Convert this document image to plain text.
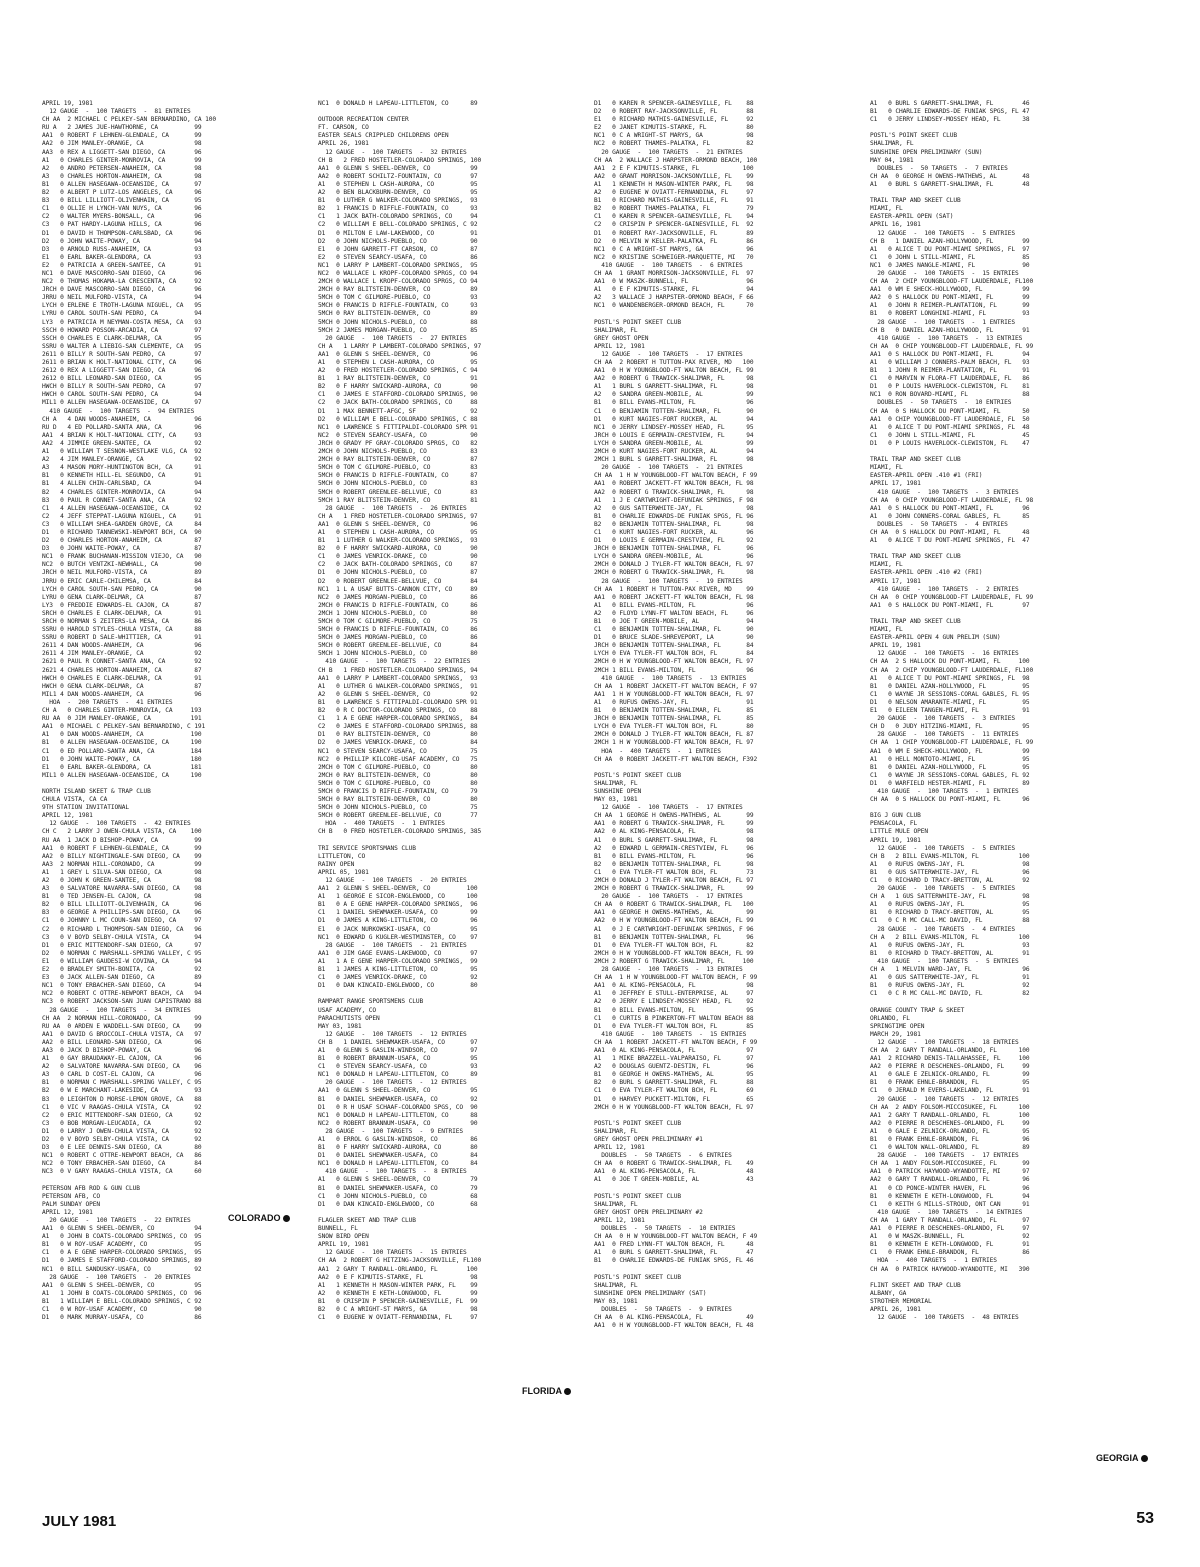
APRIL 19, 1981
12 GAUGE  -  100 TARGETS  -  81 ENTRIES
CH AA  2 MICHAEL C PELKEY-SAN BERNARDINO, CA 100
RU A   2 JAMES JUE-HAWTHORNE, CA          99
AA1  0 ROBERT F LEHNEN-GLENDALE, CA       99
AA2  0 JIM MANLEY-ORANGE, CA              98
AA3  0 REX A LIGGETT-SAN DIEGO, CA        96
A1   0 CHARLES GINTER-MONROVIA, CA        99
A2   0 ANDRO PETERSEN-ANAHEIM, CA         98
A3   0 CHARLES HORTON-ANAHEIM, CA         98
B1   0 ALLEN HASEGAWA-OCEANSIDE, CA       97
B2   0 ALBERT P LUTZ-LOS ANGELES, CA      96
B3   0 BILL LILLIOTT-OLIVENHAIN, CA       95
C1   0 OLLIE H LYNCH-VAN NUYS, CA         96
C2   0 WALTER MYERS-BONSALL, CA           96
C3   0 PAT HARDY-LAGUNA HILLS, CA         96
D1   0 DAVID H THOMPSON-CARLSBAD, CA      96
D2   0 JOHN WAITE-POWAY, CA               94
D3   0 ARNOLD RUSS-ANAHEIM, CA            93
E1   0 EARL BAKER-GLENDORA, CA            93
E2   0 PATRICIA A GREEN-SANTEE, CA        91
NC1  0 DAVE MASCORRO-SAN DIEGO, CA        96
NC2  0 THOMAS HOKAMA-LA CRESCENTA, CA     92
JRCH 0 DAVE MASCORRO-SAN DIEGO, CA        96
JRRU 0 NEIL MULFORD-VISTA, CA             94
LYCH 0 ERLENE E TROTH-LAGUNA NIGUEL, CA   95
LYRU 0 CAROL SOUTH-SAN PEDRO, CA          94
LY3  0 PATRICIA M NEYMAN-COSTA MESA, CA   93
SSCH 0 HOWARD POSSON-ARCADIA, CA          97
SSCH 0 CHARLES E CLARK-DELMAR, CA         95
SSRU 0 WALTER A LIEBIG-SAN CLEMENTE, CA   95
2611 0 BILLY R SOUTH-SAN PEDRO, CA        97
2611 0 BRIAN K HOLT-NATIONAL CITY, CA     96
2612 0 REX A LIGGETT-SAN DIEGO, CA        96
2612 0 BILL LEONARD-SAN DIEGO, CA         95
HWCH 0 BILLY R SOUTH-SAN PEDRO, CA        97
HWCH 0 CAROL SOUTH-SAN PEDRO, CA          94
MIL1 0 ALLEN HASEGAWA-OCEANSIDE, CA       97
410 GAUGE  -  100 TARGETS  -  94 ENTRIES
CH A   4 DAN WOODS-ANAHEIM, CA            96
RU D   4 ED POLLARD-SANTA ANA, CA         96
AA1  4 BRIAN K HOLT-NATIONAL CITY, CA     93
AA2  4 JIMMIE GREEN-SANTEE, CA            92
A1   0 WILLIAM T SESNON-WESTLAKE VLG, CA  92
A2   4 JIM MANLEY-ORANGE, CA              92
A3   4 MASON MORY-HUNTINGTON BCH, CA      91
B1   0 KENNETH HILL-EL SEGUNDO, CA        91
B1   4 ALLEN CHIN-CARLSBAD, CA            94
B2   4 CHARLES GINTER-MONROVIA, CA        94
B3   0 PAUL R CONNET-SANTA ANA, CA        92
C1   4 ALLEN HASEGAWA-OCEANSIDE, CA       92
C2   4 JEFF STEPPAT-LAGUNA NIGUEL, CA     91
C3   0 WILLIAM SHEA-GARDEN GROVE, CA      84
D1   0 RICHARD TANNEWSKI-NEWPORT BCH, CA  90
D2   0 CHARLES HORTON-ANAHEIM, CA         87
D3   0 JOHN WAITE-POWAY, CA               87
NC1  0 FRANK BUCHANAN-MISSION VIEJO, CA   90
NC2  0 BUTCH VENTZKI-NEWHALL, CA          90
JRCH 0 NEIL MULFORD-VISTA, CA             89
JRRU 0 ERIC CARLE-CHILEMSA, CA            84
LYCH 0 CAROL SOUTH-SAN PEDRO, CA          90
LYRU 0 GENA CLARK-DELMAR, CA              87
LY3  0 FREDDIE EDWARDS-EL CAJON, CA       87
SRCH 0 CHARLES E CLARK-DELMAR, CA         91
SRCH 0 NORMAN S ZEITERS-LA MESA, CA       86
SSRU 0 HAROLD STYLES-CHULA VISTA, CA      88
SSRU 0 ROBERT D SALE-WHITTIER, CA         91
2611 4 DAN WOODS-ANAHEIM, CA              96
2611 4 JIM MANLEY-ORANGE, CA              92
2621 0 PAUL R CONNET-SANTA ANA, CA        92
2621 4 CHARLES HORTON-ANAHEIM, CA         87
HWCH 0 CHARLES E CLARK-DELMAR, CA         91
HWCH 0 GENA CLARK-DELMAR, CA              87
MIL1 4 DAN WOODS-ANAHEIM, CA              96
HOA  -  200 TARGETS  -  41 ENTRIES
CH A   0 CHARLES GINTER-MONROVIA, CA     193
RU AA  0 JIM MANLEY-ORANGE, CA           191
AA1  0 MICHAEL C PELKEY-SAN BERNARDINO, C 191
A1   0 DAN WOODS-ANAHEIM, CA             190
B1   0 ALLEN HASEGAWA-OCEANSIDE, CA      190
C1   0 ED POLLARD-SANTA ANA, CA          184
D1   0 JOHN WAITE-POWAY, CA              180
E1   0 EARL BAKER-GLENDORA, CA           181
MIL1 0 ALLEN HASEGAWA-OCEANSIDE, CA      190

NORTH ISLAND SKEET & TRAP CLUB
CHULA VISTA, CA CA
9TH STATION INVITATIONAL
APRIL 12, 1981
12 GAUGE  -  100 TARGETS  -  42 ENTRIES
CH C   2 LARRY J OWEN-CHULA VISTA, CA    100
RU AA  1 JACK D BISHOP-POWAY, CA          99
AA1  0 ROBERT F LEHNEN-GLENDALE, CA       99
AA2  0 BILLY NIGHTINGALE-SAN DIEGO, CA    99
AA3  2 NORMAN HILL-CORONADO, CA           99
A1   1 GREY L SILVA-SAN DIEGO, CA         98
A2   0 JOHN K GREEN-SANTEE, CA            98
A3   0 SALVATORE NAVARRA-SAN DIEGO, CA    98
B1   0 TED JENSEN-EL CAJON, CA            98
B2   0 BILL LILLIOTT-OLIVENHAIN, CA       96
B3   0 GEORGE A PHILLIPS-SAN DIEGO, CA    96
C1   0 JOHNNY L MC COUN-SAN DIEGO, CA     97
C2   0 RICHARD L THOMPSON-SAN DIEGO, CA   96
C3   0 V BOYD SELBY-CHULA VISTA, CA       94
D1   0 ERIC MITTENDORF-SAN DIEGO, CA      97
D2   0 NORMAN C MARSHALL-SPRING VALLEY, C 95
E1   0 WILLIAM GAUDESI-W COVINA, CA       94
E2   0 BRADLEY SMITH-BONITA, CA           92
E3   0 JACK ALLEN-SAN DIEGO, CA           89
NC1  0 TONY ERBACHER-SAN DIEGO, CA        94
NC2  0 ROBERT C OTTRE-NEWPORT BEACH, CA   94
NC3  0 ROBERT JACKSON-SAN JUAN CAPISTRANO 88
28 GAUGE  -  100 TARGETS  -  34 ENTRIES
CH AA  2 NORMAN HILL-CORONADO, CA         99
RU AA  0 ARDEN E WADDELL-SAN DIEGO, CA    99
AA1  0 DAVID G BROCCOLI-CHULA VISTA, CA   97
AA2  0 BILL LEONARD-SAN DIEGO, CA         96
AA3  0 JACK D BISHOP-POWAY, CA            96
A1   0 GAY BRAUDAWAY-EL CAJON, CA         96
A2   0 SALVATORE NAVARRA-SAN DIEGO, CA    96
A3   0 CARL D COST-EL CAJON, CA           96
B1   0 NORMAN C MARSHALL-SPRING VALLEY, C 95
B2   0 W E MARCHANT-LAKESIDE, CA          93
B3   0 LEIGHTON D MORSE-LEMON GROVE, CA   88
C1   0 VIC V RAAGAS-CHULA VISTA, CA       92
C2   0 ERIC MITTENDORF-SAN DIEGO, CA      92
C3   0 BOB MORGAN-LEUCADIA, CA            92
D1   0 LARRY J OWEN-CHULA VISTA, CA       92
D2   0 V BOYD SELBY-CHULA VISTA, CA       92
D3   0 E LEE DENNIS-SAN DIEGO, CA         80
NC1  0 ROBERT C OTTRE-NEWPORT BEACH, CA   86
NC2  0 TONY ERBACHER-SAN DIEGO, CA        84
NC3  0 V GARY RAAGAS-CHULA VISTA, CA      60

PETERSON AFB ROD & GUN CLUB
PETERSON AFB, CO
PALM SUNDAY OPEN
APRIL 12, 1981
20 GAUGE  -  100 TARGETS  -  22 ENTRIES
AA1  0 GLENN S SHEEL-DENVER, CO           94
A1   0 JOHN B COATS-COLORADO SPRINGS, CO  95
B1   0 W ROY-USAF ACADEMY, CO             95
C1   0 A E GENE HARPER-COLORADO SPRINGS,  95
D1   0 JAMES E STAFFORD-COLORADO SPRINGS, 89
NC1  0 BILL SANDUSKY-USAFA, CO            92
28 GAUGE  -  100 TARGETS  -  20 ENTRIES
AA1  0 GLENN S SHEEL-DENVER, CO           95
A1   1 JOHN B COATS-COLORADO SPRINGS, CO  96
B1   1 WILLIAM E BELL-COLORADO SPRINGS, C 92
C1   0 W ROY-USAF ACADEMY, CO             90
D1   0 MARK MURRAY-USAFA, CO              86
NC1  0 DONALD H LAPEAU-LITTLETON, CO      89

OUTDOOR RECREATION CENTER
FT. CARSON, CO
EASTER SEALS CRIPPLED CHILDRENS OPEN
APRIL 26, 1981
12 GAUGE  -  100 TARGETS  -  32 ENTRIES
CH B   2 FRED HOSTETLER-COLORADO SPRINGS, 100
AA1  0 GLENN S SHEEL-DENVER, CO           99
AA2  0 ROBERT SCHILTZ-FOUNTAIN, CO        97
A1   0 STEPHEN L CASH-AURORA, CO          95
A2   0 BEN BLACKBURN-DENVER, CO           95
B1   0 LUTHER G WALKER-COLORADO SPRINGS,  93
B2   1 FRANCIS D RIFFLE-FOUNTAIN, CO      93
C1   1 JACK BATH-COLORADO SPRINGS, CO     94
C2   0 WILLIAM E BELL-COLORADO SPRINGS, C 92
D1   0 MILTON E LAW-LAKEWOOD, CO          91
D2   0 JOHN NICHOLS-PUEBLO, CO            90
E1   0 JOHN GARRETT-FT CARSON, CO         87
E2   0 STEVEN SEARCY-USAFA, CO            86
NC1  0 LARRY P LAMBERT-COLORADO SPRINGS,  95
NC2  0 WALLACE L KROPF-COLORADO SPRGS, CO 94
2MCH 0 WALLACE L KROPF-COLORADO SPRGS, CO 94
2MCH 0 RAY BLITSTEIN-DENVER, CO           89
5MCH 0 TOM C GILMORE-PUEBLO, CO           93
5MCH 0 FRANCIS D RIFFLE-FOUNTAIN, CO      93
5MCH 0 RAY BLITSTEIN-DENVER, CO           89
5MCH 0 JOHN NICHOLS-PUEBLO, CO            88
5MCH 2 JAMES MORGAN-PUEBLO, CO            85
20 GAUGE  -  100 TARGETS  -  27 ENTRIES
CH A   1 LARRY P LAMBERT-COLORADO SPRINGS, 97
AA1  0 GLENN S SHEEL-DENVER, CO           96
A1   0 STEPHEN L CASH-AURORA, CO          95
A2   0 FRED HOSTETLER-COLORADO SPRINGS, C 94
B1   1 RAY BLITSTEIN-DENVER, CO           91
B2   0 F HARRY SWICKARD-AURORA, CO        90
C1   0 JAMES E STAFFORD-COLORADO SPRINGS, 90
C2   0 JACK BATH-COLORADO SPRINGS, CO     88
D1   1 MAX BENNETT-AFGC, SF               92
D2   0 WILLIAM E BELL-COLORADO SPRINGS, C 88
NC1  0 LAWRENCE S FITTIPALDI-COLORADO SPR 91
NC2  0 STEVEN SEARCY-USAFA, CO            90
JRCH 0 GRADY PF GRAY-COLORADO SPRGS, CO   82
2MCH 0 JOHN NICHOLS-PUEBLO, CO            83
2MCH 0 RAY BLITSTEIN-DENVER, CO           87
5MCH 0 TOM C GILMORE-PUEBLO, CO           83
5MCH 0 FRANCIS D RIFFLE-FOUNTAIN, CO      87
5MCH 0 JOHN NICHOLS-PUEBLO, CO            83
5MCH 0 ROBERT GREENLEE-BELLVUE, CO        83
5MCH 1 RAY BLITSTEIN-DENVER, CO           81
28 GAUGE  -  100 TARGETS  -  26 ENTRIES
CH A   1 FRED HOSTETLER-COLORADO SPRINGS, 97
AA1  0 GLENN S SHEEL-DENVER, CO           96
A1   0 STEPHEN L CASH-AURORA, CO          95
B1   1 LUTHER G WALKER-COLORADO SPRINGS,  93
B2   0 F HARRY SWICKARD-AURORA, CO        90
C1   0 JAMES VENRICK-DRAKE, CO            90
C2   0 JACK BATH-COLORADO SPRINGS, CO     87
D1   0 JOHN NICHOLS-PUEBLO, CO            87
D2   0 ROBERT GREENLEE-BELLVUE, CO        84
NC1  1 L A USAF BUTTS-CANNON CITY, CO     89
NC2  0 JAMES MORGAN-PUEBLO, CO            86
2MCH 0 FRANCIS D RIFFLE-FOUNTAIN, CO      86
2MCH 1 JOHN NICHOLS-PUEBLO, CO            80
5MCH 0 TOM C GILMORE-PUEBLO, CO           75
5MCH 0 FRANCIS D RIFFLE-FOUNTAIN, CO      86
5MCH 0 JAMES MORGAN-PUEBLO, CO            86
5MCH 0 ROBERT GREENLEE-BELLVUE, CO        84
5MCH 1 JOHN NICHOLS-PUEBLO, CO            80
410 GAUGE  -  100 TARGETS  -  22 ENTRIES
CH B   1 FRED HOSTETLER-COLORADO SPRINGS, 94
AA1  0 LARRY P LAMBERT-COLORADO SPRINGS,  93
A1   0 LUTHER G WALKER-COLORADO SPRINGS,  91
A2   0 GLENN S SHEEL-DENVER, CO           92
B1   0 LAWRENCE S FITTIPALDI-COLORADO SPR 91
B2   0 R C DOCTOR-COLORADO SPRINGS, CO    88
C1   1 A E GENE HARPER-COLORADO SPRINGS,  84
C2   0 JAMES E STAFFORD-COLORADO SPRINGS, 88
D1   0 RAY BLITSTEIN-DENVER, CO           80
D2   0 JAMES VENRICK-DRAKE, CO            84
NC1  0 STEVEN SEARCY-USAFA, CO            75
NC2  0 PHILLIP KILCORE-USAF ACADEMY, CO   75
2MCH 0 TOM C GILMORE-PUEBLO, CO           80
2MCH 0 RAY BLITSTEIN-DENVER, CO           80
5MCH 0 TOM C GILMORE-PUEBLO, CO           80
5MCH 0 FRANCIS D RIFFLE-FOUNTAIN, CO      79
5MCH 0 RAY BLITSTEIN-DENVER, CO           80
5MCH 0 JOHN NICHOLS-PUEBLO, CO            75
5MCH 0 ROBERT GREENLEE-BELLVUE, CO        77
HOA  -  400 TARGETS  -  1 ENTRIES
CH B   0 FRED HOSTETLER-COLORADO SPRINGS, 385

TRI SERVICE SPORTSMANS CLUB
LITTLETON, CO
RAINY OPEN
APRIL 05, 1981
12 GAUGE  -  100 TARGETS  -  20 ENTRIES
AA1  2 GLENN S SHEEL-DENVER, CO          100
A1   1 GEORGE E SICOR-ENGLEWOOD, CO      100
B1   0 A E GENE HARPER-COLORADO SPRINGS,  96
C1   1 DANIEL SHEWMAKER-USAFA, CO         99
D1   0 JAMES A KING-LITTLETON, CO         96
E1   0 JACK NURKOWSKI-USAFA, CO           95
NC1  0 EDWARD G KUGLER-WESTMINSTER, CO    97
28 GAUGE  -  100 TARGETS  -  21 ENTRIES
AA1  0 JIM GAGE EVANS-LAKEWOOD, CO        97
A1   1 A E GENE HARPER-COLORADO SPRINGS,  99
B1   1 JAMES A KING-LITTLETON, CO         95
C1   0 JAMES VENRICK-DRAKE, CO            92
D1   0 DAN KINCAID-ENGLEWOOD, CO          80

RAMPART RANGE SPORTSMENS CLUB
USAF ACADEMY, CO
PARACHUTISTS OPEN
MAY 03, 1981
12 GAUGE  -  100 TARGETS  -  12 ENTRIES
CH B   1 DANIEL SHEWMAKER-USAFA, CO       97
A1   0 GLENN S GASLIN-WINDSOR, CO         97
B1   0 ROBERT BRANNUM-USAFA, CO           95
C1   0 STEVEN SEARCY-USAFA, CO            93
NC1  0 DONALD H LAPEAU-LITTLETON, CO      89
20 GAUGE  -  100 TARGETS  -  12 ENTRIES
AA1  0 GLENN S SHEEL-DENVER, CO           95
B1   0 DANIEL SHEWMAKER-USAFA, CO         92
D1   0 R H USAF SCHAAF-COLORADO SPGS, CO  90
NC1  0 DONALD H LAPEAU-LITTLETON, CO      88
NC2  0 ROBERT BRANNUM-USAFA, CO           90
28 GAUGE  -  100 TARGETS  -  9 ENTRIES
A1   0 ERROL G GASLIN-WINDSOR, CO         86
B1   0 F HARRY SWICKARD-AURORA, CO        80
D1   0 DANIEL SHEWMAKER-USAFA, CO         84
NC1  0 DONALD H LAPEAU-LITTLETON, CO      84
410 GAUGE  -  100 TARGETS  -  8 ENTRIES
A1   0 GLENN S SHEEL-DENVER, CO           79
B1   0 DANIEL SHEWMAKER-USAFA, CO         79
C1   0 JOHN NICHOLS-PUEBLO, CO            68
D1   0 DAN KINCAID-ENGLEWOOD, CO          68

FLAGLER SKEET AND TRAP CLUB
BUNNELL, FL
SNOW BIRD OPEN
APRIL 19, 1981
12 GAUGE  -  100 TARGETS  -  15 ENTRIES
CH AA  2 ROBERT G HITZING-JACKSONVILLE, FL100
AA1  2 GARY T RANDALL-ORLANDO, FL        100
AA2  0 E F KIMUTIS-STARKE, FL             98
A1   1 KENNETH H MASON-WINTER PARK, FL    99
A2   0 KENNETH E KETH-LONGWOOD, FL        99
B1   0 CRISPIN P SPENCER-GAINESVILLE, FL  99
B2   0 C A WRIGHT-ST MARYS, GA            98
C1   0 EUGENE W OVIATT-FERNANDINA, FL     97
D1   0 KAREN R SPENCER-GAINESVILLE, FL    88
D2   0 ROBERT RAY-JACKSONVILLE, FL        88
E1   0 RICHARD MATHIS-GAINESVILLE, FL     92
E2   0 JANET KIMUTIS-STARKE, FL           80
NC1  0 C A WRIGHT-ST MARYS, GA            98
NC2  0 ROBERT THAMES-PALATKA, FL          82
20 GAUGE  -  100 TARGETS  -  21 ENTRIES
CH AA  2 WALLACE J HARPSTER-ORMOND BEACH, 100
AA1  2 E F KIMUTIS-STARKE, FL            100
AA2  0 GRANT MORRISON-JACKSONVILLE, FL    99
A1   1 KENNETH H MASON-WINTER PARK, FL    98
A2   0 EUGENE W OVIATT-FERNANDINA, FL     97
B1   0 RICHARD MATHIS-GAINESVILLE, FL     91
B2   0 ROBERT THAMES-PALATKA, FL          79
C1   0 KAREN R SPENCER-GAINESVILLE, FL    94
C2   0 CRISPIN P SPENCER-GAINESVILLE, FL  92
D1   0 ROBERT RAY-JACKSONVILLE, FL        89
D2   0 MELVIN W KELLER-PALATKA, FL        86
NC1  0 C A WRIGHT-ST MARYS, GA            96
NC2  0 KRISTINE SCHWEIGER-MARQUETTE, MI   70
410 GAUGE  -  100 TARGETS  -  6 ENTRIES
CH AA  1 GRANT MORRISON-JACKSONVILLE, FL  97
AA1  0 W MASZK-BUNNELL, FL                96
A1   0 E F KIMUTIS-STARKE, FL             94
A2   3 WALLACE J HARPSTER-ORMOND BEACH, F 66
NC1  0 WANDENBERGER-ORMOND BEACH, FL      70

POSTL'S POINT SKEET CLUB
SHALIMAR, FL
GREY GHOST OPEN
APRIL 12, 1981
12 GAUGE  -  100 TARGETS  -  17 ENTRIES
CH AA  2 ROBERT H TUTTON-PAX RIVER, MD   100
AA1  0 H W YOUNGBLOOD-FT WALTON BEACH, FL 99
AA2  0 ROBERT G TRAWICK-SHALIMAR, FL      98
A1   1 BURL S GARRETT-SHALIMAR, FL        98
A2   0 SANDRA GREEN-MOBILE, AL            99
B1   0 BILL EVANS-MILTON, FL              96
C1   0 BENJAMIN TOTTEN-SHALIMAR, FL       90
D1   0 KURT NAGIES-FORT RUCKER, AL        94
NC1  0 JERRY LINDSEY-MOSSEY HEAD, FL      95
JRCH 0 LOUIS E GERMAIN-CRESTVIEW, FL      94
LYCH 0 SANDRA GREEN-MOBILE, AL            99
2MCH 0 KURT NAGIES-FORT RUCKER, AL        94
2MCH 1 BURL S GARRETT-SHALIMAR, FL        98
20 GAUGE  -  100 TARGETS  -  21 ENTRIES
CH AA  1 H W YOUNGBLOOD-FT WALTON BEACH, F 99
AA1  0 ROBERT JACKETT-FT WALTON BEACH, FL 98
AA2  0 ROBERT G TRAWICK-SHALIMAR, FL      98
A1   1 J E CARTWRIGHT-DEFUNIAK SPRINGS, F 98
A2   0 GUS SATTERWHITE-JAY, FL            98
B1   0 CHARLIE EDWARDS-DE FUNIAK SPGS, FL 96
B2   0 BENJAMIN TOTTEN-SHALIMAR, FL       98
C1   0 KURT NAGIES-FORT RUCKER, AL        96
D1   0 LOUIS E GERMAIN-CRESTVIEW, FL      92
JRCH 0 BENJAMIN TOTTEN-SHALIMAR, FL       96
LYCH 0 SANDRA GREEN-MOBILE, AL            96
2MCH 0 DONALD J TYLER-FT WALTON BEACH, FL 97
2MCH 0 ROBERT G TRAWICK-SHALIMAR, FL      98
28 GAUGE  -  100 TARGETS  -  19 ENTRIES
CH AA  1 ROBERT H TUTTON-PAX RIVER, MD    99
AA1  0 ROBERT JACKETT-FT WALTON BEACH, FL 98
A1   0 BILL EVANS-MILTON, FL              96
A2   0 FLOYD LYNN-FT WALTON BEACH, FL     96
B1   0 JOE T GREEN-MOBILE, AL             94
C1   0 BENJAMIN TOTTEN-SHALIMAR, FL       90
D1   0 BRUCE SLADE-SHREVEPORT, LA         90
JRCH 0 BENJAMIN TOTTEN-SHALIMAR, FL       84
LYCH 0 EVA TYLER-FT WALTON BCH, FL        84
2MCH 0 H W YOUNGBLOOD-FT WALTON BEACH, FL 97
2MCH 1 BILL EVANS-MILTON, FL              96
410 GAUGE  -  100 TARGETS  -  13 ENTRIES
CH AA  1 ROBERT JACKETT-FT WALTON BEACH, F 97
AA1  1 H W YOUNGBLOOD-FT WALTON BEACH, FL 97
A1   0 RUFUS OWENS-JAY, FL                91
B1   0 BENJAMIN TOTTEN-SHALIMAR, FL       85
JRCH 0 BENJAMIN TOTTEN-SHALIMAR, FL       85
LYCH 0 EVA TYLER-FT WALTON BCH, FL        80
2MCH 0 DONALD J TYLER-FT WALTON BEACH, FL 87
2MCH 1 H W YOUNGBLOOD-FT WALTON BEACH, FL 97
HOA  -  400 TARGETS  -  1 ENTRIES
CH AA  0 ROBERT JACKETT-FT WALTON BEACH, F392

POSTL'S POINT SKEET CLUB
SHALIMAR, FL
SUNSHINE OPEN
MAY 03, 1981
12 GAUGE  -  100 TARGETS  -  17 ENTRIES
CH AA  1 GEORGE H OWENS-MATHEWS, AL       99
AA1  0 ROBERT G TRAWICK-SHALIMAR, FL      99
AA2  0 AL KING-PENSACOLA, FL              98
A1   0 BURL S GARRETT-SHALIMAR, FL        98
A2   0 EDWARD L GERMAIN-CRESTVIEW, FL     96
B1   0 BILL EVANS-MILTON, FL              96
B2   0 BENJAMIN TOTTEN-SHALIMAR, FL       98
C1   0 EVA TYLER-FT WALTON BCH, FL        73
2MCH 0 DONALD J TYLER-FT WALTON BEACH, FL 97
2MCH 0 ROBERT G TRAWICK-SHALIMAR, FL      99
20 GAUGE  -  100 TARGETS  -  17 ENTRIES
CH AA  0 ROBERT G TRAWICK-SHALIMAR, FL   100
AA1  0 GEORGE H OWENS-MATHEWS, AL         99
AA2  0 H W YOUNGBLOOD-FT WALTON BEACH, FL 99
A1   0 J E CARTWRIGHT-DEFUNIAK SPRINGS, F 96
B1   0 BENJAMIN TOTTEN-SHALIMAR, FL       96
D1   0 EVA TYLER-FT WALTON BCH, FL        82
2MCH 0 H W YOUNGBLOOD-FT WALTON BEACH, FL 99
2MCH 2 ROBERT G TRAWICK-SHALIMAR, FL     100
28 GAUGE  -  100 TARGETS  -  13 ENTRIES
CH AA  1 H W YOUNGBLOOD-FT WALTON BEACH, F 99
AA1  0 AL KING-PENSACOLA, FL              98
A1   0 JEFFREY E STULL-ENTERPRISE, AL     97
A2   0 JERRY E LINDSEY-MOSSEY HEAD, FL    92
B1   0 BILL EVANS-MILTON, FL              95
C1   0 CURTIS B PINKERTON-FT WALTON BEACH 88
D1   0 EVA TYLER-FT WALTON BCH, FL        85
410 GAUGE  -  100 TARGETS  -  15 ENTRIES
CH AA  1 ROBERT JACKETT-FT WALTON BEACH, F 99
AA1  0 AL KING-PENSACOLA, FL              97
A1   1 MIKE BRAZZELL-VALPARAISO, FL       97
A2   0 DOUGLAS GUENTZ-DESTIN, FL          96
B1   0 GEORGE H OWENS-MATHEWS, AL         95
B2   0 BURL S GARRETT-SHALIMAR, FL        88
C1   0 EVA TYLER-FT WALTON BCH, FL        69
D1   0 HARVEY PUCKETT-MILTON, FL          65
2MCH 0 H W YOUNGBLOOD-FT WALTON BEACH, FL 97

POSTL'S POINT SKEET CLUB
SHALIMAR, FL
GREY GHOST OPEN PRELIMINARY #1
APRIL 12, 1981
DOUBLES  -  50 TARGETS  -  6 ENTRIES
CH AA  0 ROBERT G TRAWICK-SHALIMAR, FL    49
AA1  0 AL KING-PENSACOLA, FL              48
A1   0 JOE T GREEN-MOBILE, AL             43

POSTL'S POINT SKEET CLUB
SHALIMAR, FL
GREY GHOST OPEN PRELIMINARY #2
APRIL 12, 1981
DOUBLES  -  50 TARGETS  -  10 ENTRIES
CH AA  0 H W YOUNGBLOOD-FT WALTON BEACH, F 49
AA1  0 FRED LYNN-FT WALTON BEACH, FL      48
A1   0 BURL S GARRETT-SHALIMAR, FL        47
B1   0 CHARLIE EDWARDS-DE FUNIAK SPGS, FL 46

POSTL'S POINT SKEET CLUB
SHALIMAR, FL
SUNSHINE OPEN PRELIMINARY (SAT)
MAY 03, 1981
DOUBLES  -  50 TARGETS  -  9 ENTRIES
CH AA  0 AL KING-PENSACOLA, FL            49
AA1  0 H W YOUNGBLOOD-FT WALTON BEACH, FL 48
A1   0 BURL S GARRETT-SHALIMAR, FL        46
B1   0 CHARLIE EDWARDS-DE FUNIAK SPGS, FL 47
C1   0 JERRY LINDSEY-MOSSEY HEAD, FL      38

POSTL'S POINT SKEET CLUB
SHALIMAR, FL
SUNSHINE OPEN PRELIMINARY (SUN)
MAY 04, 1981
DOUBLES  -  50 TARGETS  -  7 ENTRIES
CH AA  0 GEORGE H OWENS-MATHEWS, AL       48
A1   0 BURL S GARRETT-SHALIMAR, FL        48

TRAIL TRAP AND SKEET CLUB
MIAMI, FL
EASTER-APRIL OPEN (SAT)
APRIL 16, 1981
12 GAUGE  -  100 TARGETS  -  5 ENTRIES
CH B   1 DANIEL AZAN-HOLLYWOOD, FL        99
A1   0 ALICE T DU PONT-MIAMI SPRINGS, FL  97
C1   0 JOHN L STILL-MIAMI, FL             85
NC1  0 JAMES NANGLE-MIAMI, FL             90
20 GAUGE  -  100 TARGETS  -  15 ENTRIES
CH AA  2 CHIP YOUNGBLOOD-FT LAUDERDALE, FL100
AA1  0 WM E SHECK-HOLLYWOOD, FL           99
AA2  0 S HALLOCK DU PONT-MIAMI, FL        99
A1   0 JOHN R REIMER-PLANTATION, FL       99
B1   0 ROBERT LONGHINI-MIAMI, FL          93
28 GAUGE  -  100 TARGETS  -  1 ENTRIES
CH B   0 DANIEL AZAN-HOLLYWOOD, FL        91
410 GAUGE  -  100 TARGETS  -  13 ENTRIES
CH AA  0 CHIP YOUNGBLOOD-FT LAUDERDALE, FL 99
AA1  0 S HALLOCK DU PONT-MIAMI, FL        94
A1   0 WILLIAM J CONNERS-PALM BEACH, FL   93
B1   1 JOHN R REIMER-PLANTATION, FL       91
C1   0 MARVIN W FLORA-FT LAUDERDALE, FL   86
D1   0 P LOUIS HAVERLOCK-CLEWISTON, FL    81
NC1  0 RON BOVARD-MIAMI, FL               88
DOUBLES  -  50 TARGETS  -  10 ENTRIES
CH AA  0 S HALLOCK DU PONT-MIAMI, FL      50
AA1  0 CHIP YOUNGBLOOD-FT LAUDERDALE, FL  50
A1   0 ALICE T DU PONT-MIAMI SPRINGS, FL  48
C1   0 JOHN L STILL-MIAMI, FL             45
D1   0 P LOUIS HAVERLOCK-CLEWISTON, FL    47

TRAIL TRAP AND SKEET CLUB
MIAMI, FL
EASTER-APRIL OPEN .410 #1 (FRI)
APRIL 17, 1981
410 GAUGE  -  100 TARGETS  -  3 ENTRIES
CH AA  0 CHIP YOUNGBLOOD-FT LAUDERDALE, FL 98
AA1  0 S HALLOCK DU PONT-MIAMI, FL        96
A1   0 JOHN CONNERS-CORAL GABLES, FL      85
DOUBLES  -  50 TARGETS  -  4 ENTRIES
CH AA  0 S HALLOCK DU PONT-MIAMI, FL      48
A1   0 ALICE T DU PONT-MIAMI SPRINGS, FL  47

TRAIL TRAP AND SKEET CLUB
MIAMI, FL
EASTER-APRIL OPEN .410 #2 (FRI)
APRIL 17, 1981
410 GAUGE  -  100 TARGETS  -  2 ENTRIES
CH AA  0 CHIP YOUNGBLOOD-FT LAUDERDALE, FL 99
AA1  0 S HALLOCK DU PONT-MIAMI, FL        97

TRAIL TRAP AND SKEET CLUB
MIAMI, FL
EASTER-APRIL OPEN 4 GUN PRELIM (SUN)
APRIL 19, 1981
12 GAUGE  -  100 TARGETS  -  16 ENTRIES
CH AA  2 S HALLOCK DU PONT-MIAMI, FL     100
CH AA  2 CHIP YOUNGBLOOD-FT LAUDERDALE, FL100
A1   0 ALICE T DU PONT-MIAMI SPRINGS, FL  98
B1   0 DANIEL AZAN-HOLLYWOOD, FL          95
C1   0 WAYNE JR SESSIONS-CORAL GABLES, FL 95
D1   0 NELSON AMARANTE-MIAMI, FL          95
E1   0 EILEEN TANGEN-MIAMI, FL            91
20 GAUGE  -  100 TARGETS  -  3 ENTRIES
CH D   0 JUDY HITZING-MIAMI, FL           95
28 GAUGE  -  100 TARGETS  -  11 ENTRIES
CH AA  1 CHIP YOUNGBLOOD-FT LAUDERDALE, FL 99
AA1  0 WM E SHECK-HOLLYWOOD, FL           99
A1   0 HELL MONTOTO-MIAMI, FL             95
B1   0 DANIEL AZAN-HOLLYWOOD, FL          95
C1   0 WAYNE JR SESSIONS-CORAL GABLES, FL 92
D1   0 WARFIELD HESTER-MIAMI, FL          89
410 GAUGE  -  100 TARGETS  -  1 ENTRIES
CH AA  0 S HALLOCK DU PONT-MIAMI, FL      96

BIG J GUN CLUB
PENSACOLA, FL
LITTLE MULE OPEN
APRIL 19, 1981
12 GAUGE  -  100 TARGETS  -  5 ENTRIES
CH B   2 BILL EVANS-MILTON, FL           100
A1   0 RUFUS OWENS-JAY, FL                98
B1   0 GUS SATTERWHITE-JAY, FL            96
C1   0 RICHARD D TRACY-BRETTON, AL        92
20 GAUGE  -  100 TARGETS  -  5 ENTRIES
CH A   1 GUS SATTERWHITE-JAY, FL          98
A1   0 RUFUS OWENS-JAY, FL                95
B1   0 RICHARD D TRACY-BRETTON, AL        95
C1   0 C R MC CALL-MC DAVID, FL           88
28 GAUGE  -  100 TARGETS  -  4 ENTRIES
CH A   2 BILL EVANS-MILTON, FL           100
A1   0 RUFUS OWENS-JAY, FL                93
B1   0 RICHARD D TRACY-BRETTON, AL        91
410 GAUGE  -  100 TARGETS  -  5 ENTRIES
CH A   1 MELVIN WARD-JAY, FL              96
A1   0 GUS SATTERWHITE-JAY, FL            91
B1   0 RUFUS OWENS-JAY, FL                92
C1   0 C R MC CALL-MC DAVID, FL           82

ORANGE COUNTY TRAP & SKEET
ORLANDO, FL
SPRINGTIME OPEN
MARCH 29, 1981
12 GAUGE  -  100 TARGETS  -  18 ENTRIES
CH AA  2 GARY T RANDALL-ORLANDO, FL      100
AA1  2 RICHARD DENIS-TALLAHASSEE, FL     100
AA2  0 PIERRE R DESCHENES-ORLANDO, FL     99
A1   0 GALE E ZELNICK-ORLANDO, FL         99
B1   0 FRANK EHNLE-BRANDON, FL            95
C1   0 JERALD M EVERS-LAKELAND, FL        91
20 GAUGE  -  100 TARGETS  -  12 ENTRIES
CH AA  2 ANDY FOLSOM-MICCOSUKEE, FL      100
AA1  2 GARY T RANDALL-ORLANDO, FL        100
AA2  0 PIERRE R DESCHENES-ORLANDO, FL     99
A1   0 GALE E ZELNICK-ORLANDO, FL         95
B1   0 FRANK EHNLE-BRANDON, FL            96
C1   0 WALTON WALL-ORLANDO, FL            89
28 GAUGE  -  100 TARGETS  -  17 ENTRIES
CH AA  1 ANDY FOLSOM-MICCOSUKEE, FL       99
AA1  0 PATRICK HAYWOOD-WYANDOTTE, MI      97
AA2  0 GARY T RANDALL-ORLANDO, FL         96
A1   0 CD PONCE-WINTER HAVEN, FL          96
B1   0 KENNETH E KETH-LONGWOOD, FL        94
C1   0 KEITH G MILLS-STROUD, ONT CAN      91
410 GAUGE  -  100 TARGETS  -  14 ENTRIES
CH AA  1 GARY T RANDALL-ORLANDO, FL       97
AA1  0 PIERRE R DESCHENES-ORLANDO, FL     97
A1   0 W MASZK-BUNNELL, FL                92
B1   0 KENNETH E KETH-LONGWOOD, FL        91
C1   0 FRANK EHNLE-BRANDON, FL            86
HOA  -  400 TARGETS  -  1 ENTRIES
CH AA  0 PATRICK HAYWOOD-WYANDOTTE, MI   390

FLINT SKEET AND TRAP CLUB
ALBANY, GA
STROTHER MEMORIAL
APRIL 26, 1981
12 GAUGE  -  100 TARGETS  -  48 ENTRIES
COLORADO
FLORIDA
GEORGIA
JULY 1981	53
